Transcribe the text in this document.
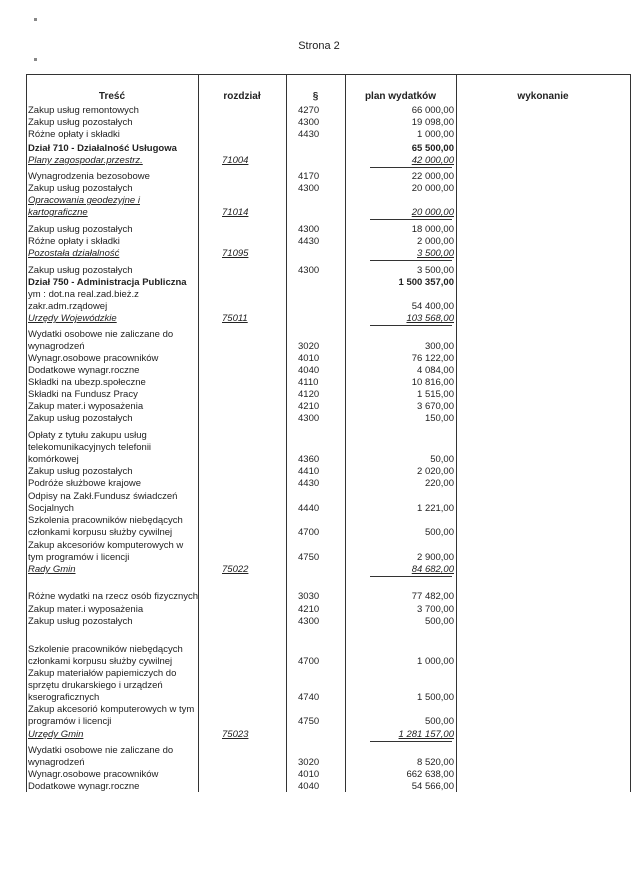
Strona 2
Treść	rozdział	§	plan wydatków	wykonanie
Zakup usług remontowych	4270	66 000,00
Zakup usług pozostałych	4300	19 098,00
Różne opłaty i składki	4430	1 000,00
Dział 710 - Działalność Usługowa	65 500,00
Plany zagospodar.przestrz.	71004	42 000,00
Wynagrodzenia bezosobowe	4170	22 000,00
Zakup usług pozostałych	4300	20 000,00
Opracowania geodezyjne i
kartograficzne	71014	20 000,00
Zakup usług pozostałych	4300	18 000,00
Różne opłaty i składki	4430	2 000,00
Pozostała działalność	71095	3 500,00
Zakup usług pozostałych	4300	3 500,00
Dział 750 - Administracja Publiczna	1 500 357,00
ym : dot.na real.zad.bież.z
zakr.adm.rządowej	54 400,00
Urzędy Wojewódzkie	75011	103 568,00
Wydatki osobowe nie zaliczane do
wynagrodzeń	3020	300,00
Wynagr.osobowe pracowników	4010	76 122,00
Dodatkowe wynagr.roczne	4040	4 084,00
Składki na ubezp.społeczne	4110	10 816,00
Składki na Fundusz Pracy	4120	1 515,00
Zakup mater.i wyposażenia	4210	3 670,00
Zakup usług pozostałych	4300	150,00
Opłaty z tytułu zakupu usług
telekomunikacyjnych telefonii
komórkowej	4360	50,00
Zakup usług pozostałych	4410	2 020,00
Podróże służbowe krajowe	4430	220,00
Odpisy na Zakł.Fundusz świadczeń
Socjalnych	4440	1 221,00
Szkolenia pracowników niebędących
członkami korpusu służby cywilnej	4700	500,00
Zakup akcesoriów komputerowych w
tym programów i licencji	4750	2 900,00
Rady Gmin	75022	84 682,00
Różne wydatki na rzecz osób fizycznych	3030	77 482,00
Zakup mater.i wyposażenia	4210	3 700,00
Zakup usług pozostałych	4300	500,00
Szkolenie pracowników niebędących
członkami korpusu służby cywilnej	4700	1 000,00
Zakup materiałów papiemiczych do
sprzętu drukarskiego i urządzeń
kserograficznych	4740	1 500,00
Zakup akcesorió komputerowych w tym
programów i licencji	4750	500,00
Urzędy Gmin	75023	1 281 157,00
Wydatki osobowe nie zaliczane do
wynagrodzeń	3020	8 520,00
Wynagr.osobowe pracowników	4010	662 638,00
Dodatkowe wynagr.roczne	4040	54 566,00
